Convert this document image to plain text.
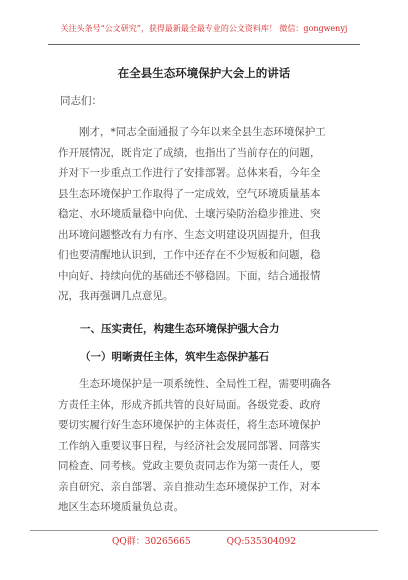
关注头条号“公文研究”，获得最新最全最专业的公文资料库！ 微信：gongwenyj
在全县生态环境保护大会上的讲话
同志们：
刚才，*同志全面通报了今年以来全县生态环境保护工
作开展情况，既肯定了成绩，也指出了当前存在的问题，
并对下一步重点工作进行了安排部署。总体来看，今年全
县生态环境保护工作取得了一定成效，空气环境质量基本
稳定、水环境质量稳中向优、土壤污染防治稳步推进、突
出环境问题整改有力有序、生态文明建设巩固提升，但我
们也要清醒地认识到，工作中还存在不少短板和问题，稳
中向好、持续向优的基础还不够稳固。下面，结合通报情
况，我再强调几点意见。
一、压实责任，构建生态环境保护强大合力
（一）明晰责任主体，筑牢生态保护基石
生态环境保护是一项系统性、全局性工程，需要明确各
方责任主体，形成齐抓共管的良好局面。各级党委、政府
要切实履行好生态环境保护的主体责任，将生态环境保护
工作纳入重要议事日程，与经济社会发展同部署、同落实
同检查、同考核。党政主要负责同志作为第一责任人，要
亲自研究、亲自部署、亲自推动生态环境保护工作，对本
地区生态环境质量负总责。
QQ群：30265665	QQ:535304092
